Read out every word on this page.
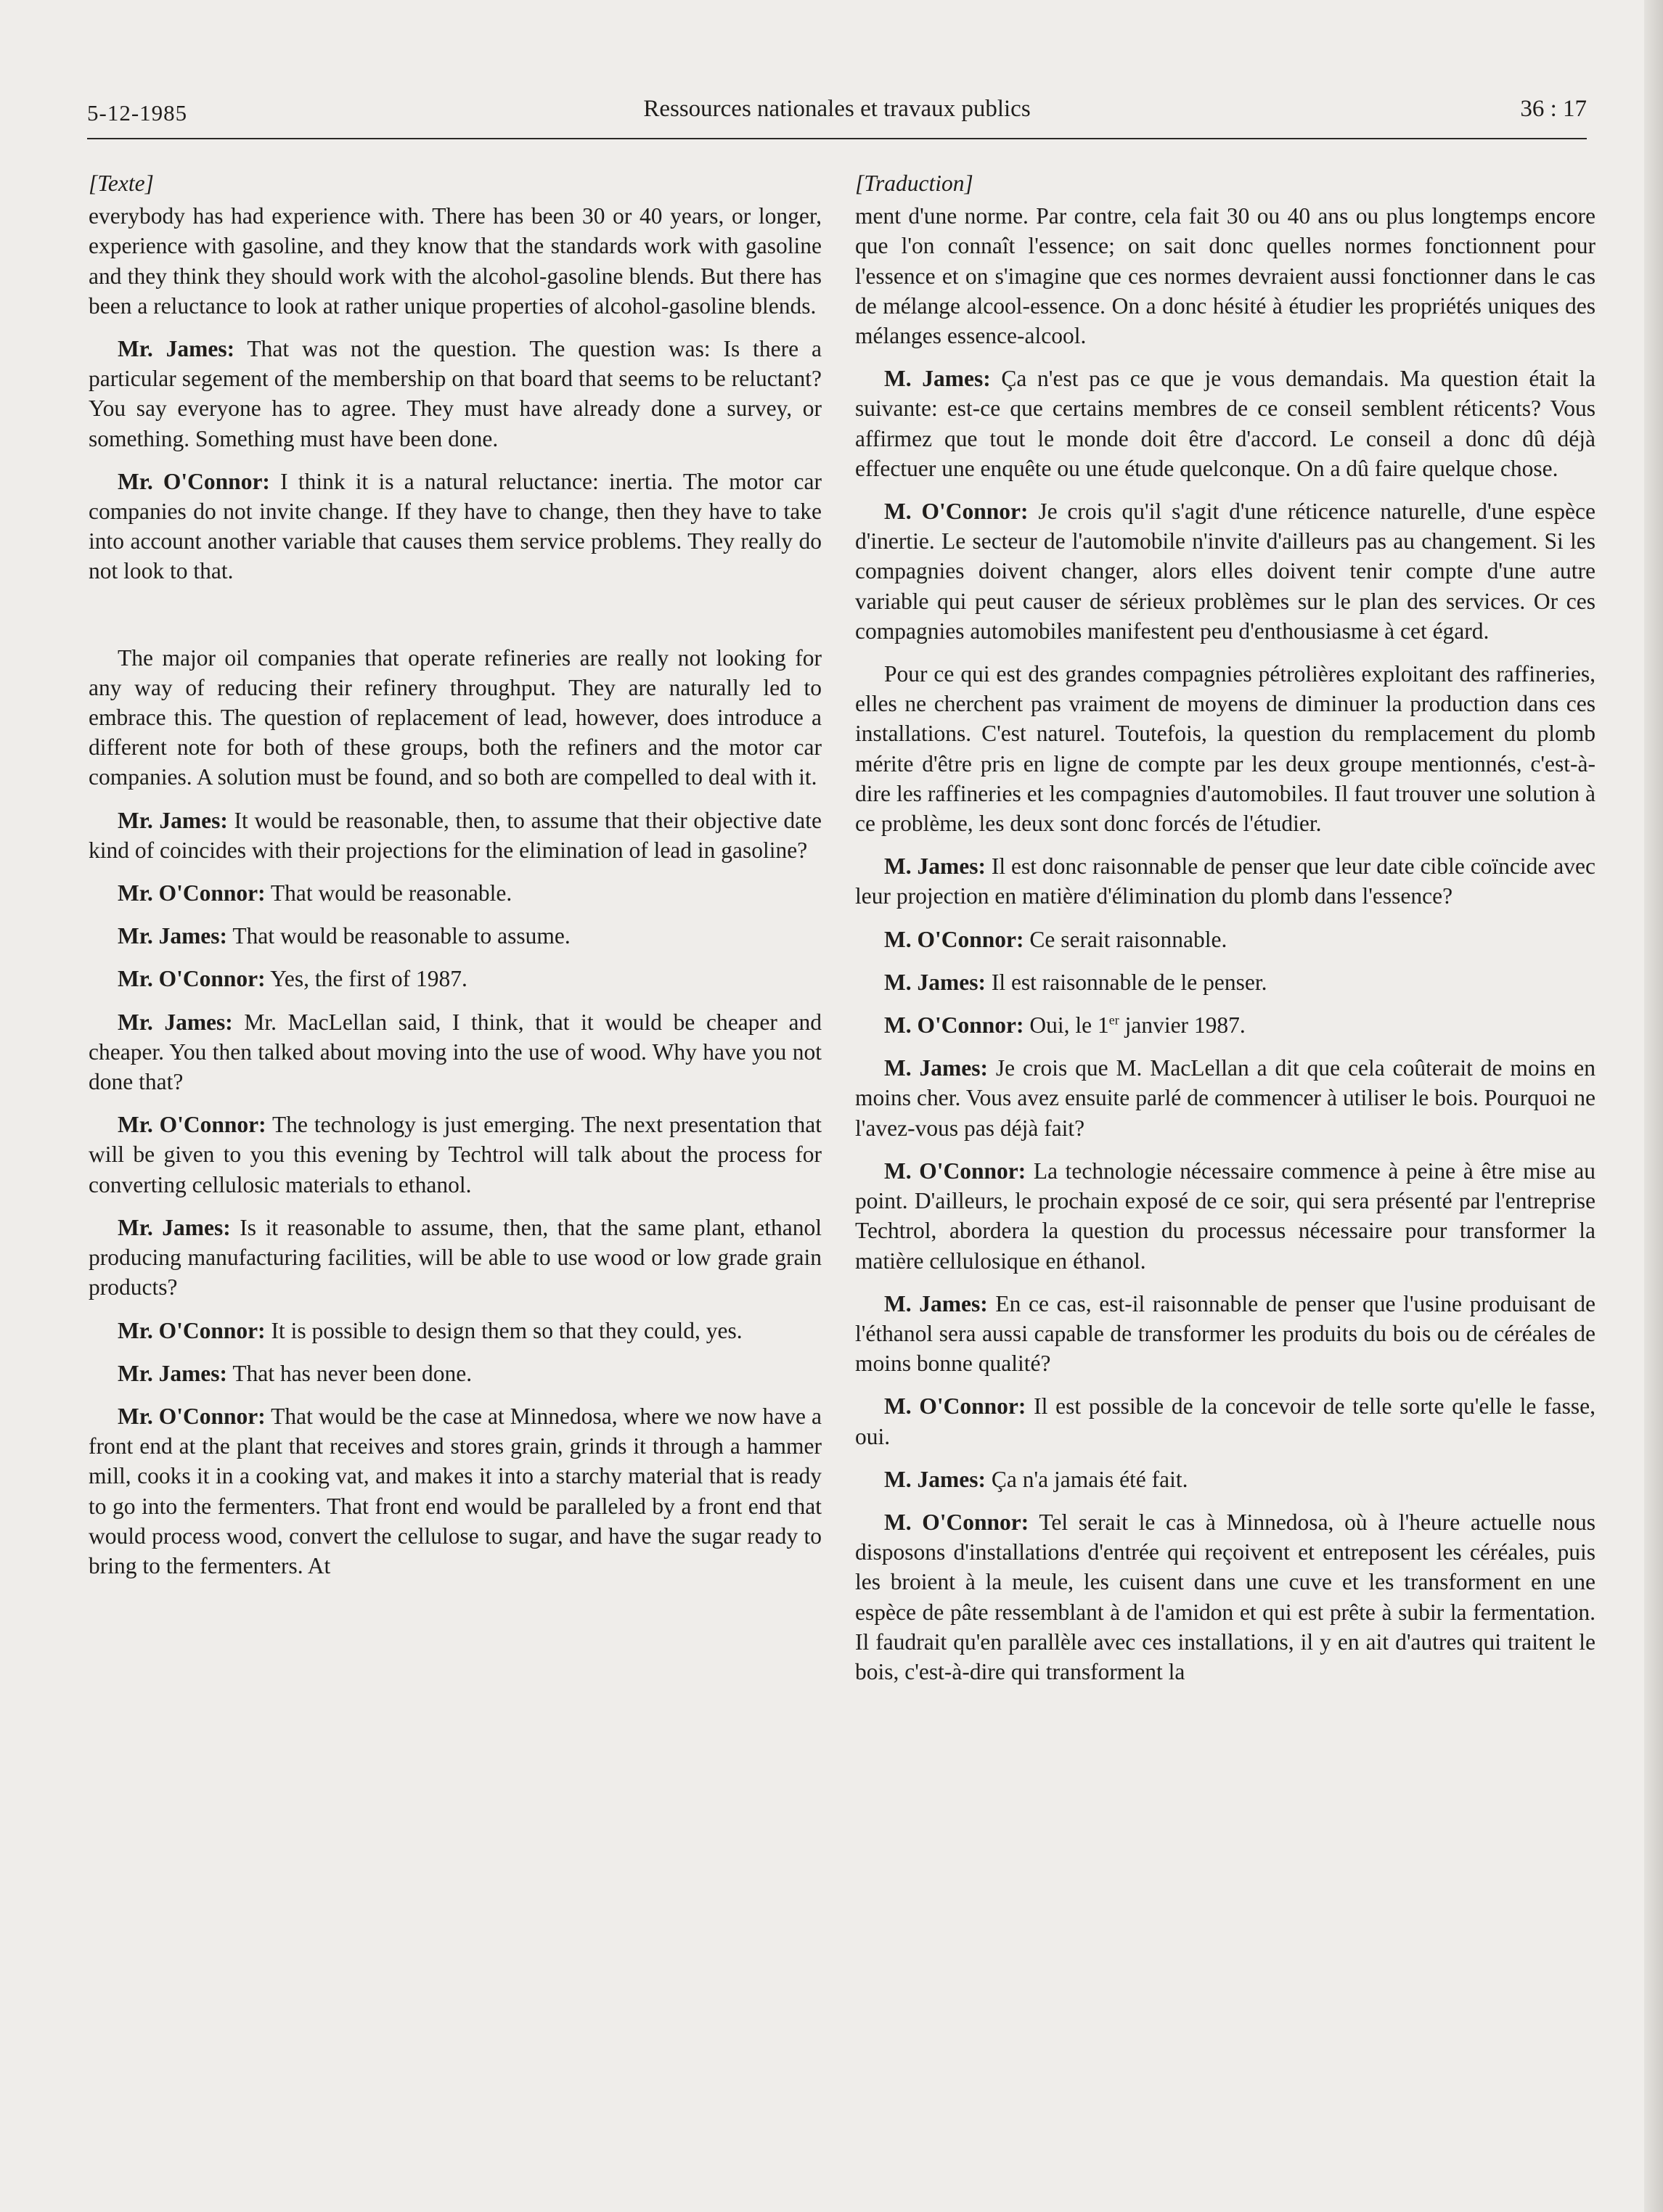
5-12-1985	Ressources nationales et travaux publics	36 : 17
[Texte]

everybody has had experience with. There has been 30 or 40 years, or longer, experience with gasoline, and they know that the standards work with gasoline and they think they should work with the alcohol-gasoline blends. But there has been a reluctance to look at rather unique properties of alcohol-gasoline blends.

Mr. James: That was not the question. The question was: Is there a particular segement of the membership on that board that seems to be reluctant? You say everyone has to agree. They must have already done a survey, or something. Something must have been done.

Mr. O'Connor: I think it is a natural reluctance: inertia. The motor car companies do not invite change. If they have to change, then they have to take into account another variable that causes them service problems. They really do not look to that.

The major oil companies that operate refineries are really not looking for any way of reducing their refinery throughput. They are naturally led to embrace this. The question of replacement of lead, however, does introduce a different note for both of these groups, both the refiners and the motor car companies. A solution must be found, and so both are compelled to deal with it.

Mr. James: It would be reasonable, then, to assume that their objective date kind of coincides with their projections for the elimination of lead in gasoline?

Mr. O'Connor: That would be reasonable.

Mr. James: That would be reasonable to assume.

Mr. O'Connor: Yes, the first of 1987.

Mr. James: Mr. MacLellan said, I think, that it would be cheaper and cheaper. You then talked about moving into the use of wood. Why have you not done that?

Mr. O'Connor: The technology is just emerging. The next presentation that will be given to you this evening by Techtrol will talk about the process for converting cellulosic materials to ethanol.

Mr. James: Is it reasonable to assume, then, that the same plant, ethanol producing manufacturing facilities, will be able to use wood or low grade grain products?

Mr. O'Connor: It is possible to design them so that they could, yes.

Mr. James: That has never been done.

Mr. O'Connor: That would be the case at Minnedosa, where we now have a front end at the plant that receives and stores grain, grinds it through a hammer mill, cooks it in a cooking vat, and makes it into a starchy material that is ready to go into the fermenters. That front end would be paralleled by a front end that would process wood, convert the cellulose to sugar, and have the sugar ready to bring to the fermenters. At

[Traduction]

ment d'une norme. Par contre, cela fait 30 ou 40 ans ou plus longtemps encore que l'on connaît l'essence; on sait donc quelles normes fonctionnent pour l'essence et on s'imagine que ces normes devraient aussi fonctionner dans le cas de mélange alcool-essence. On a donc hésité à étudier les propriétés uniques des mélanges essence-alcool.

M. James: Ça n'est pas ce que je vous demandais. Ma question était la suivante: est-ce que certains membres de ce conseil semblent réticents? Vous affirmez que tout le monde doit être d'accord. Le conseil a donc dû déjà effectuer une enquête ou une étude quelconque. On a dû faire quelque chose.

M. O'Connor: Je crois qu'il s'agit d'une réticence naturelle, d'une espèce d'inertie. Le secteur de l'automobile n'invite d'ailleurs pas au changement. Si les compagnies doivent changer, alors elles doivent tenir compte d'une autre variable qui peut causer de sérieux problèmes sur le plan des services. Or ces compagnies automobiles manifestent peu d'enthousiasme à cet égard.

Pour ce qui est des grandes compagnies pétrolières exploitant des raffineries, elles ne cherchent pas vraiment de moyens de diminuer la production dans ces installations. C'est naturel. Toutefois, la question du remplacement du plomb mérite d'être pris en ligne de compte par les deux groupe mentionnés, c'est-à-dire les raffineries et les compagnies d'automobiles. Il faut trouver une solution à ce problème, les deux sont donc forcés de l'étudier.

M. James: Il est donc raisonnable de penser que leur date cible coïncide avec leur projection en matière d'élimination du plomb dans l'essence?

M. O'Connor: Ce serait raisonnable.

M. James: Il est raisonnable de le penser.

M. O'Connor: Oui, le 1er janvier 1987.

M. James: Je crois que M. MacLellan a dit que cela coûterait de moins en moins cher. Vous avez ensuite parlé de commencer à utiliser le bois. Pourquoi ne l'avez-vous pas déjà fait?

M. O'Connor: La technologie nécessaire commence à peine à être mise au point. D'ailleurs, le prochain exposé de ce soir, qui sera présenté par l'entreprise Techtrol, abordera la question du processus nécessaire pour transformer la matière cellulosique en éthanol.

M. James: En ce cas, est-il raisonnable de penser que l'usine produisant de l'éthanol sera aussi capable de transformer les produits du bois ou de céréales de moins bonne qualité?

M. O'Connor: Il est possible de la concevoir de telle sorte qu'elle le fasse, oui.

M. James: Ça n'a jamais été fait.

M. O'Connor: Tel serait le cas à Minnedosa, où à l'heure actuelle nous disposons d'installations d'entrée qui reçoivent et entreposent les céréales, puis les broient à la meule, les cuisent dans une cuve et les transforment en une espèce de pâte ressemblant à de l'amidon et qui est prête à subir la fermentation. Il faudrait qu'en parallèle avec ces installations, il y en ait d'autres qui traitent le bois, c'est-à-dire qui transforment la
